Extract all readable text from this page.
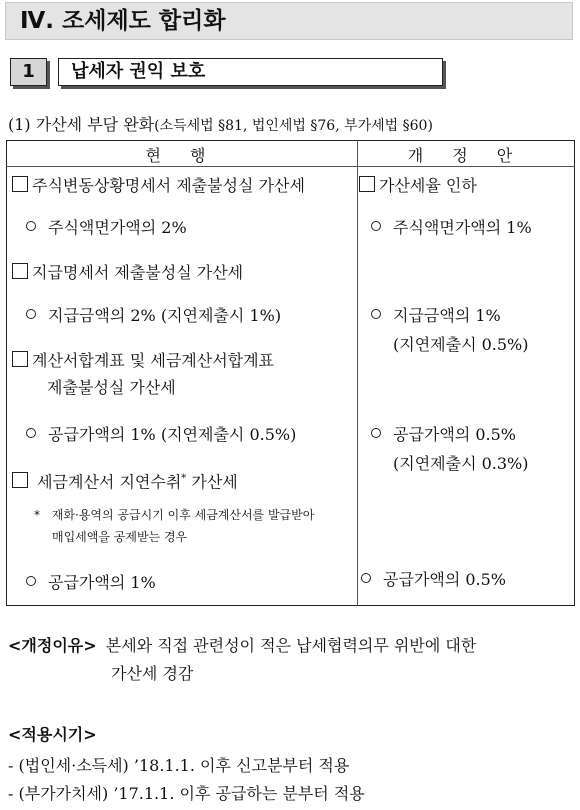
Ⅳ. 조세제도 합리화
1	납세자 권익 보호
(1) 가산세 부담 완화(소득세법 §81, 법인세법 §76, 부가세법 §60)
현 행	개 정 안
주식변동상황명세서 제출불성실 가산세
주식액면가액의 2%
지급명세서 제출불성실 가산세
지급금액의 2% (지연제출시 1%)
계산서합계표 및 세금계산서합계표
제출불성실 가산세
공급가액의 1% (지연제출시 0.5%)
세금계산서 지연수취* 가산세
* 재화·용역의 공급시기 이후 세금계산서를 발급받아
매입세액을 공제받는 경우
공급가액의 1%
가산세율 인하
주식액면가액의 1%
지급금액의 1%
(지연제출시 0.5%)
공급가액의 0.5%
(지연제출시 0.3%)
공급가액의 0.5%
<개정이유> 본세와 직접 관련성이 적은 납세협력의무 위반에 대한
가산세 경감
<적용시기>
- (법인세·소득세) ’18.1.1. 이후 신고분부터 적용
- (부가가치세) ’17.1.1. 이후 공급하는 분부터 적용
